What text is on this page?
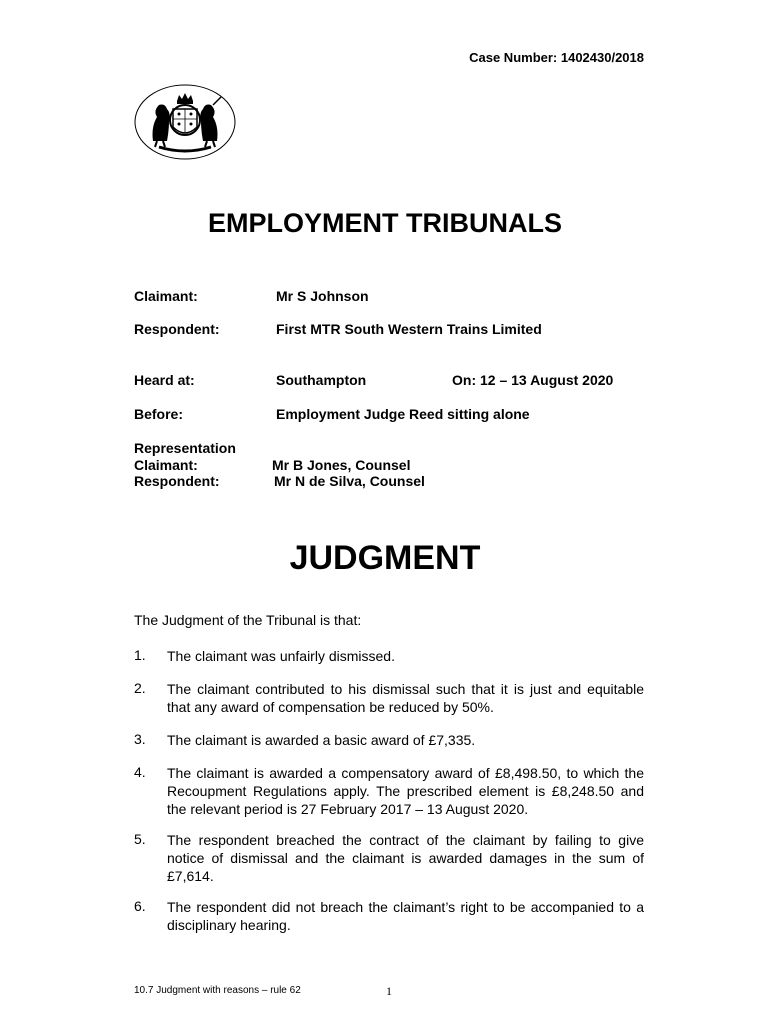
Case Number: 1402430/2018
EMPLOYMENT TRIBUNALS
Claimant:	Mr S Johnson
Respondent:	First MTR South Western Trains Limited
Heard at:	Southampton	On: 12 – 13 August 2020
Before:	Employment Judge Reed sitting alone
Representation
Claimant:	Mr B Jones, Counsel
Respondent:	Mr N de Silva, Counsel
JUDGMENT
The Judgment of the Tribunal is that:
1. The claimant was unfairly dismissed.
2. The claimant contributed to his dismissal such that it is just and equitable that any award of compensation be reduced by 50%.
3. The claimant is awarded a basic award of £7,335.
4. The claimant is awarded a compensatory award of £8,498.50, to which the Recoupment Regulations apply. The prescribed element is £8,248.50 and the relevant period is 27 February 2017 – 13 August 2020.
5. The respondent breached the contract of the claimant by failing to give notice of dismissal and the claimant is awarded damages in the sum of £7,614.
6. The respondent did not breach the claimant’s right to be accompanied to a disciplinary hearing.
10.7 Judgment with reasons – rule 62	1
